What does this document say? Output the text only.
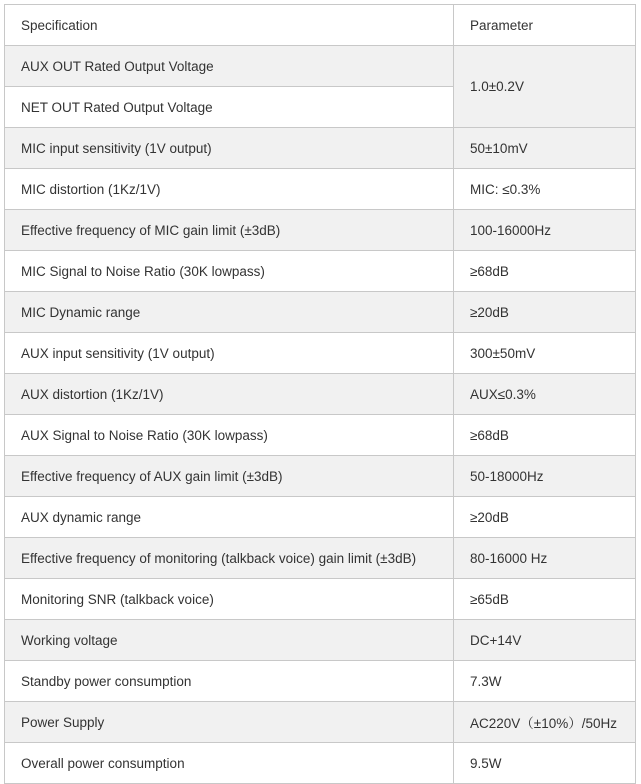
Specification	Parameter
AUX OUT Rated Output Voltage	1.0±0.2V
NET OUT Rated Output Voltage	
MIC input sensitivity (1V output)	50±10mV
MIC distortion (1Kz/1V)	MIC: ≤0.3%
Effective frequency of MIC gain limit (±3dB)	100-16000Hz
MIC Signal to Noise Ratio (30K lowpass)	≥68dB
MIC Dynamic range	≥20dB
AUX input sensitivity (1V output)	300±50mV
AUX distortion (1Kz/1V)	AUX≤0.3%
AUX Signal to Noise Ratio (30K lowpass)	≥68dB
Effective frequency of AUX gain limit (±3dB)	50-18000Hz
AUX dynamic range	≥20dB
Effective frequency of monitoring (talkback voice) gain limit (±3dB)	80-16000 Hz
Monitoring SNR (talkback voice)	≥65dB
Working voltage	DC+14V
Standby power consumption	7.3W
Power Supply	AC220V（±10%）/50Hz
Overall power consumption	9.5W
